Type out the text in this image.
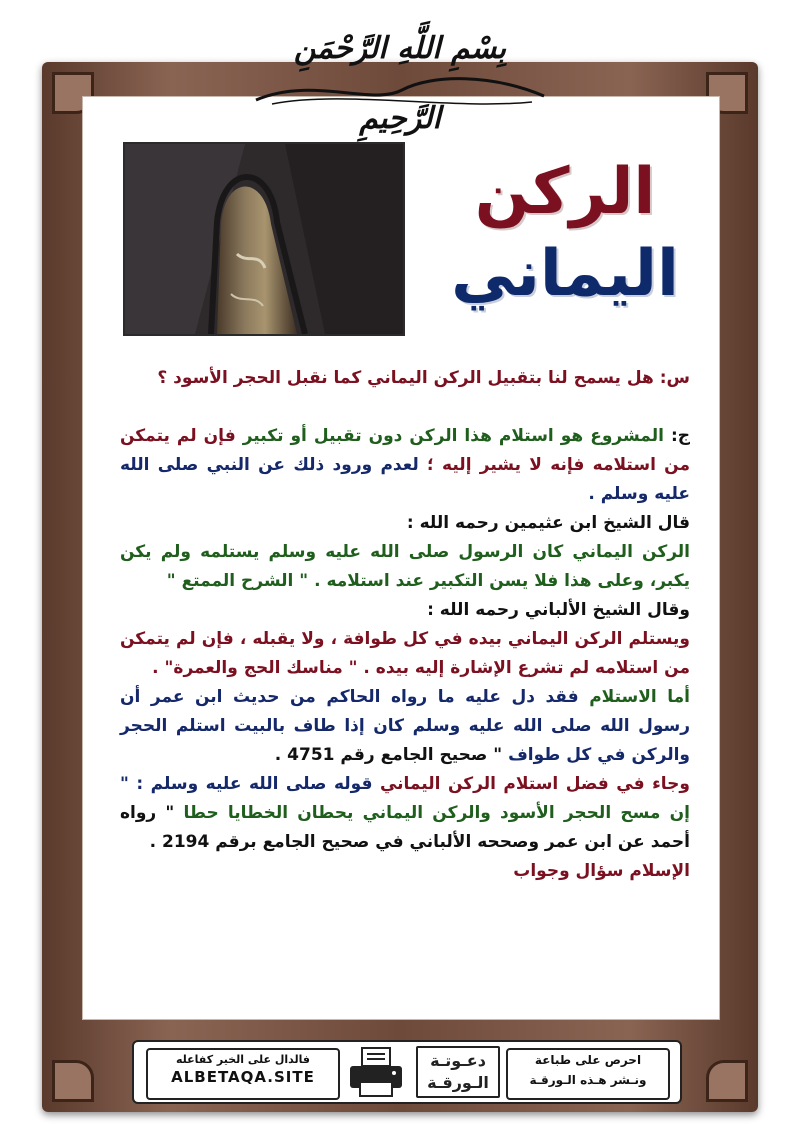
بِسْمِ اللَّهِ الرَّحْمَنِ الرَّحِيمِ
الركن
اليماني

س: هل يسمح لنا بتقبيل الركن اليماني كما نقبل الحجر الأسود ؟

ج: المشروع هو استلام هذا الركن دون تقبيل أو تكبير فإن لم يتمكن من استلامه فإنه لا يشير إليه ؛ لعدم ورود ذلك عن النبي صلى الله عليه وسلم .

قال الشيخ ابن عثيمين رحمه الله :

الركن اليماني كان الرسول صلى الله عليه وسلم يستلمه ولم يكن يكبر، وعلى هذا فلا يسن التكبير عند استلامه . " الشرح الممتع "

وقال الشيخ الألباني رحمه الله :

ويستلم الركن اليماني بيده في كل طوافة ، ولا يقبله ، فإن لم يتمكن من استلامه لم تشرع الإشارة إليه بيده . " مناسك الحج والعمرة" .

أما الاستلام فقد دل عليه ما رواه الحاكم من حديث ابن عمر أن رسول الله صلى الله عليه وسلم كان إذا طاف بالبيت استلم الحجر والركن في كل طواف " صحيح الجامع رقم 4751 .

وجاء في فضل استلام الركن اليماني قوله صلى الله عليه وسلم : " إن مسح الحجر الأسود والركن اليماني يحطان الخطايا حطا " رواه أحمد عن ابن عمر وصححه الألباني في صحيح الجامع برقم 2194 .

الإسلام سؤال وجواب

فالدال على الخير كفاعله
ALBETAQA.SITE
دعـوتـة
الـورقـة
احرص على طباعة
ونـشر هـذه الـورقـة
